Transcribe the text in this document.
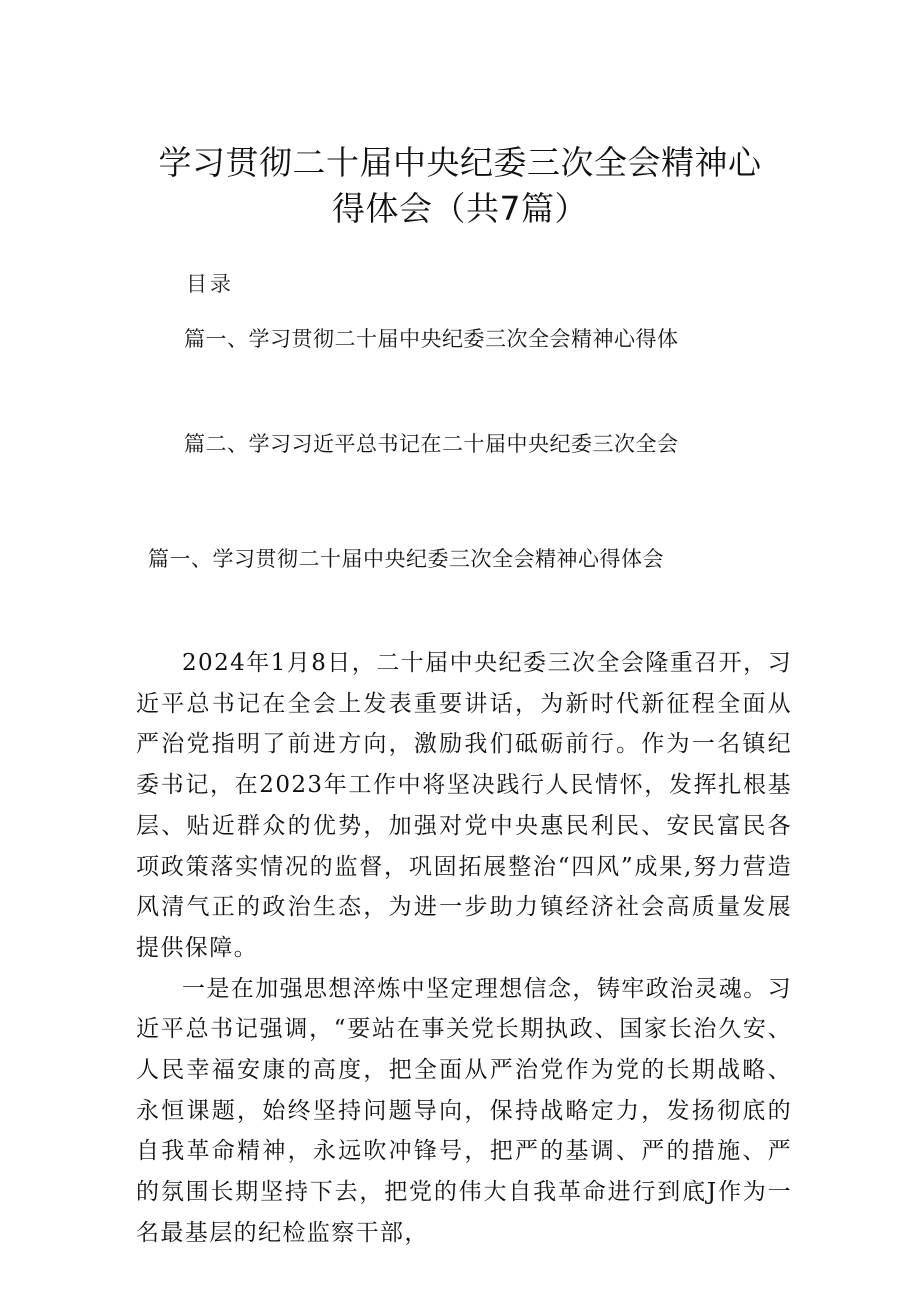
学习贯彻二十届中央纪委三次全会精神心
得体会（共7篇）
目录
篇一、学习贯彻二十届中央纪委三次全会精神心得体
篇二、学习习近平总书记在二十届中央纪委三次全会
篇一、学习贯彻二十届中央纪委三次全会精神心得体会

2024年1月8日，二十届中央纪委三次全会隆重召开，习近平总书记在全会上发表重要讲话，为新时代新征程全面从严治党指明了前进方向，激励我们砥砺前行。作为一名镇纪委书记，在2023年工作中将坚决践行人民情怀，发挥扎根基层、贴近群众的优势，加强对党中央惠民利民、安民富民各项政策落实情况的监督，巩固拓展整治“四风”成果,努力营造风清气正的政治生态，为进一步助力镇经济社会高质量发展提供保障。

一是在加强思想淬炼中坚定理想信念，铸牢政治灵魂。习近平总书记强调，“要站在事关党长期执政、国家长治久安、人民幸福安康的高度，把全面从严治党作为党的长期战略、永恒课题，始终坚持问题导向，保持战略定力，发扬彻底的自我革命精神，永远吹冲锋号，把严的基调、严的措施、严的氛围长期坚持下去，把党的伟大自我革命进行到底J作为一名最基层的纪检监察干部，
